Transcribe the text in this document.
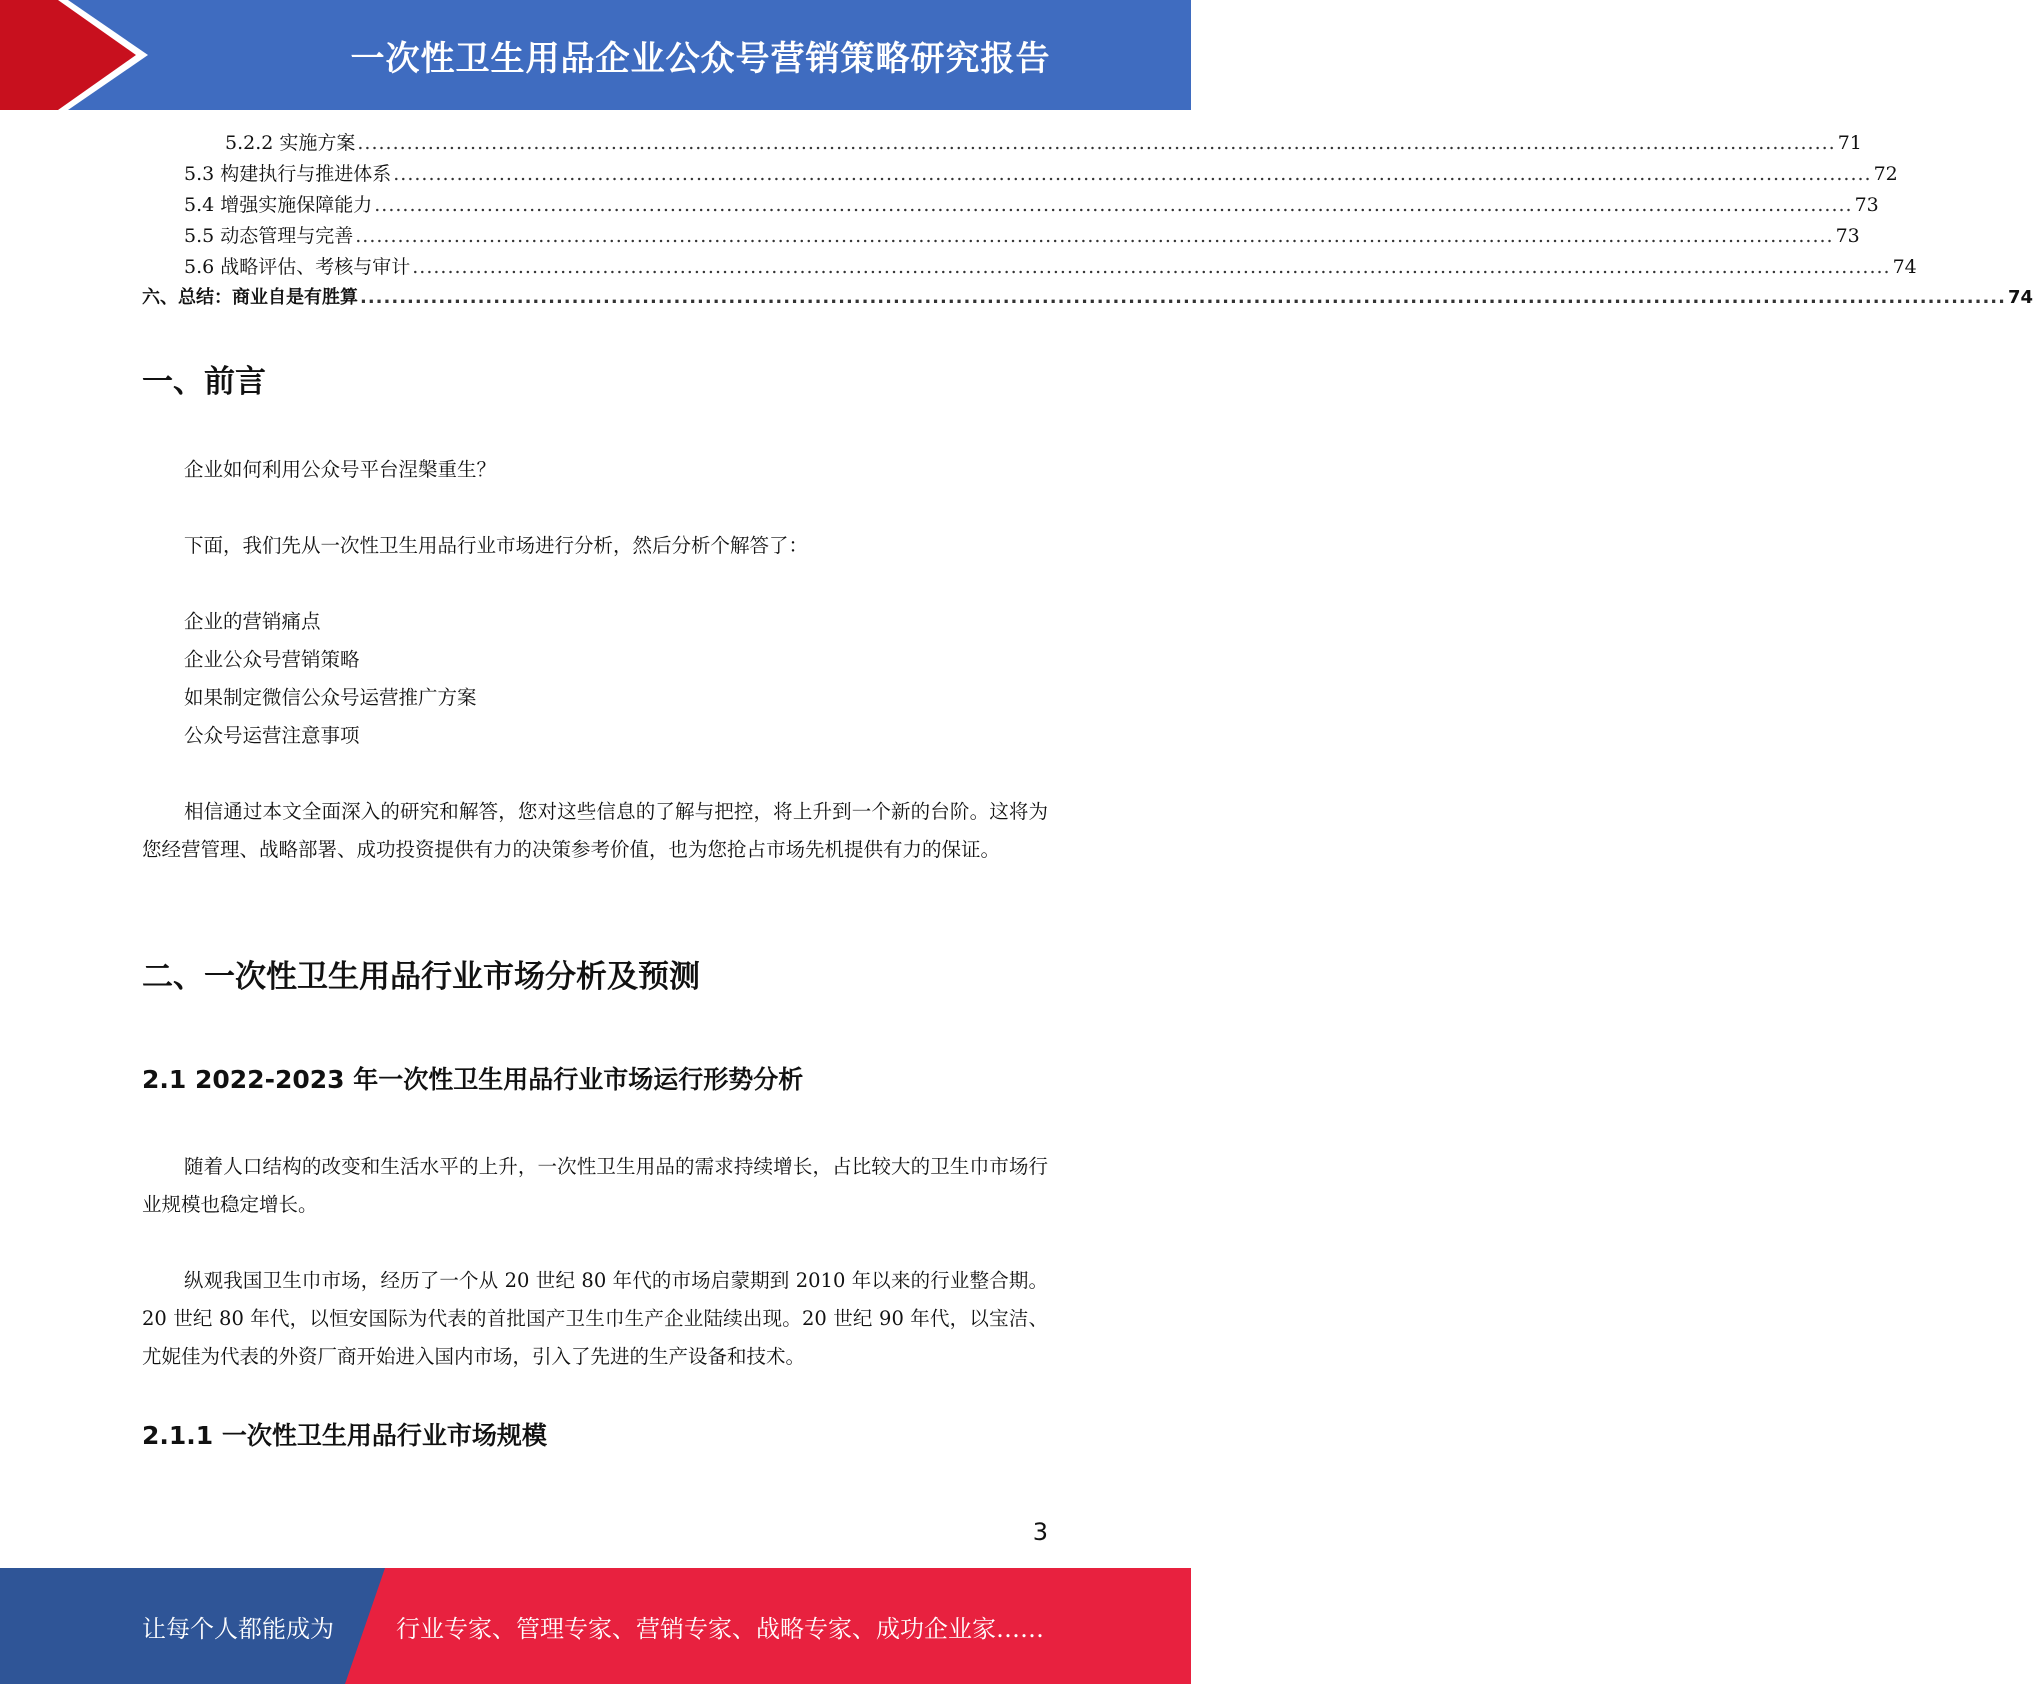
一次性卫生用品企业公众号营销策略研究报告
5.2.2 实施方案 .................................................................................................................................................................................................................. 71
5.3 构建执行与推进体系 .................................................................................................................................................................................................................. 72
5.4 增强实施保障能力 .................................................................................................................................................................................................................. 73
5.5 动态管理与完善 .................................................................................................................................................................................................................. 73
5.6 战略评估、考核与审计 .................................................................................................................................................................................................................. 74
六、总结：商业自是有胜算 .................................................................................................................................................................................................................. 74
一、前言
企业如何利用公众号平台涅槃重生？
下面，我们先从一次性卫生用品行业市场进行分析，然后分析个解答了：
企业的营销痛点
企业公众号营销策略
如果制定微信公众号运营推广方案
公众号运营注意事项
相信通过本文全面深入的研究和解答，您对这些信息的了解与把控，将上升到一个新的台阶。这将为您经营管理、战略部署、成功投资提供有力的决策参考价值，也为您抢占市场先机提供有力的保证。
二、一次性卫生用品行业市场分析及预测
2.1 2022-2023 年一次性卫生用品行业市场运行形势分析
随着人口结构的改变和生活水平的上升，一次性卫生用品的需求持续增长，占比较大的卫生巾市场行业规模也稳定增长。
纵观我国卫生巾市场，经历了一个从 20 世纪 80 年代的市场启蒙期到 2010 年以来的行业整合期。20 世纪 80 年代，以恒安国际为代表的首批国产卫生巾生产企业陆续出现。20 世纪 90 年代，以宝洁、尤妮佳为代表的外资厂商开始进入国内市场，引入了先进的生产设备和技术。
2.1.1 一次性卫生用品行业市场规模
3
让每个人都能成为	行业专家、管理专家、营销专家、战略专家、成功企业家……
